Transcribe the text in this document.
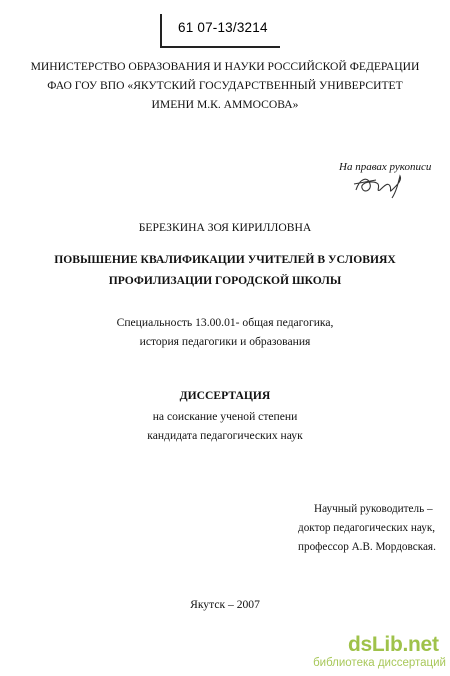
61 07-13/3214
МИНИСТЕРСТВО ОБРАЗОВАНИЯ И НАУКИ РОССИЙСКОЙ ФЕДЕРАЦИИ
ФАО ГОУ ВПО «ЯКУТСКИЙ ГОСУДАРСТВЕННЫЙ УНИВЕРСИТЕТ
ИМЕНИ М.К. АММОСОВА»
На правах рукописи
БЕРЕЗКИНА ЗОЯ КИРИЛЛОВНА
ПОВЫШЕНИЕ КВАЛИФИКАЦИИ УЧИТЕЛЕЙ В УСЛОВИЯХ
ПРОФИЛИЗАЦИИ ГОРОДСКОЙ ШКОЛЫ
Специальность 13.00.01- общая педагогика,
история педагогики и образования
ДИССЕРТАЦИЯ
на соискание ученой степени
кандидата педагогических наук
Научный руководитель –
доктор педагогических наук,
профессор А.В. Мордовская.
Якутск – 2007
dsLib.net
библиотека диссертаций
